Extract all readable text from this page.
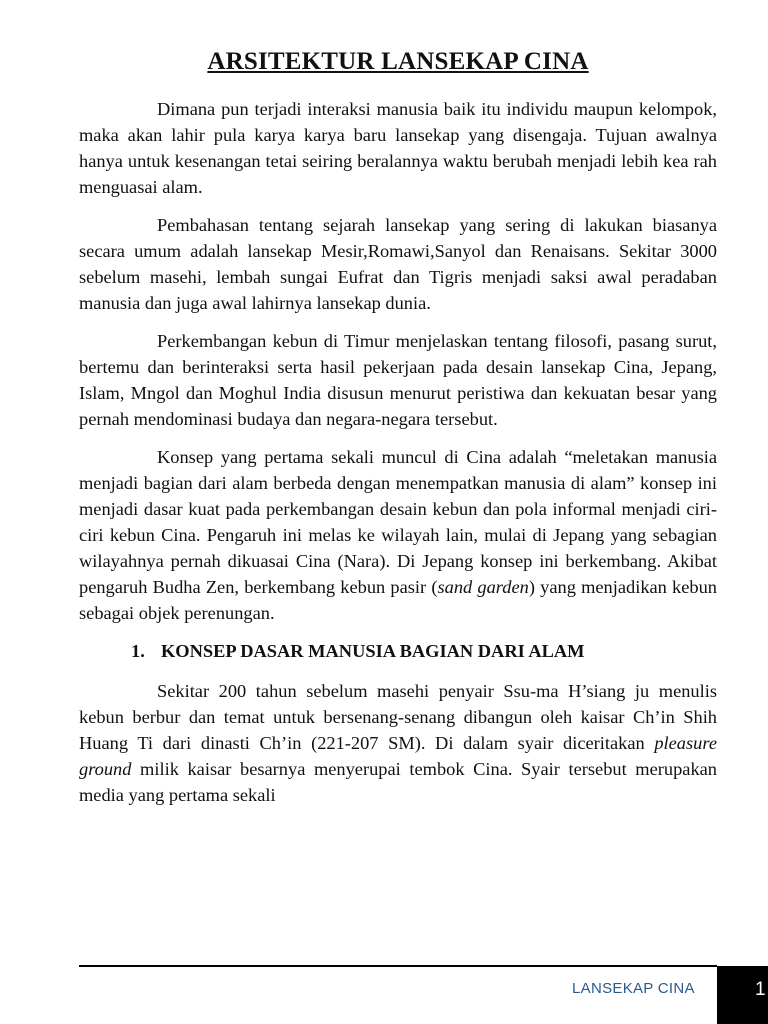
ARSITEKTUR LANSEKAP CINA

Dimana pun terjadi interaksi manusia baik itu individu maupun kelompok, maka akan lahir pula karya karya baru lansekap yang disengaja. Tujuan awalnya hanya untuk kesenangan tetai seiring beralannya waktu berubah menjadi lebih kea rah menguasai alam.

Pembahasan tentang sejarah lansekap yang sering di lakukan biasanya secara umum adalah lansekap Mesir,Romawi,Sanyol dan Renaisans. Sekitar 3000 sebelum masehi, lembah sungai Eufrat dan Tigris menjadi saksi awal peradaban manusia dan juga awal lahirnya lansekap dunia.

Perkembangan kebun di Timur menjelaskan tentang filosofi, pasang surut, bertemu dan berinteraksi serta hasil pekerjaan pada desain lansekap Cina, Jepang, Islam, Mngol dan Moghul India disusun menurut peristiwa dan kekuatan besar yang pernah mendominasi budaya dan negara-negara tersebut.

Konsep yang pertama sekali muncul di Cina adalah “meletakan manusia menjadi bagian dari alam berbeda dengan menempatkan manusia di alam” konsep ini menjadi dasar kuat pada perkembangan desain kebun dan pola informal menjadi ciri-ciri kebun Cina. Pengaruh ini melas ke wilayah lain, mulai di Jepang yang sebagian wilayahnya pernah dikuasai Cina (Nara). Di Jepang konsep ini berkembang. Akibat pengaruh Budha Zen, berkembang kebun pasir (sand garden) yang menjadikan kebun sebagai objek perenungan.

1. KONSEP DASAR MANUSIA BAGIAN DARI ALAM

Sekitar 200 tahun sebelum masehi penyair Ssu-ma H’siang ju menulis kebun berbur dan temat untuk bersenang-senang dibangun oleh kaisar Ch’in Shih Huang Ti dari dinasti Ch’in (221-207 SM). Di dalam syair diceritakan pleasure ground milik kaisar besarnya menyerupai tembok Cina. Syair tersebut merupakan media yang pertama sekali

LANSEKAP CINA	1
